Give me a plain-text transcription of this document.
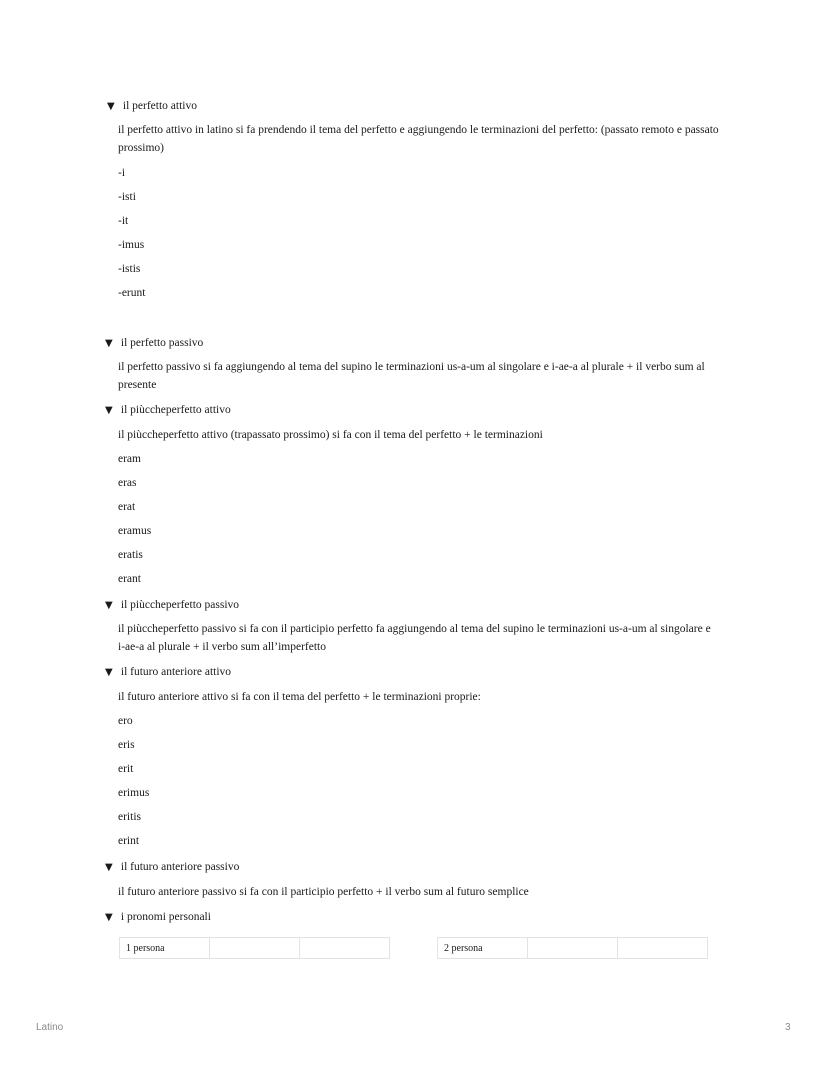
▼ il perfetto attivo
il perfetto attivo in latino si fa prendendo il tema del perfetto e aggiungendo le terminazioni del perfetto: (passato remoto e passato prossimo)
-i
-isti
-it
-imus
-istis
-erunt
▼ il perfetto passivo
il perfetto passivo si fa aggiungendo al tema del supino le terminazioni us-a-um al singolare e i-ae-a al plurale + il verbo sum al presente
▼ il piùccheperfetto attivo
il piùccheperfetto attivo (trapassato prossimo) si fa con il tema del perfetto + le terminazioni
eram
eras
erat
eramus
eratis
erant
▼ il piùccheperfetto passivo
il piùccheperfetto passivo si fa con il participio perfetto fa aggiungendo al tema del supino le terminazioni us-a-um al singolare e i-ae-a al plurale + il verbo sum all’imperfetto
▼ il futuro anteriore attivo
il futuro anteriore attivo si fa con il tema del perfetto + le terminazioni proprie:
ero
eris
erit
erimus
eritis
erint
▼ il futuro anteriore passivo
il futuro anteriore passivo si fa con il participio perfetto + il verbo sum al futuro semplice
▼ i pronomi personali
1 persona			2 persona		
Latino	3
